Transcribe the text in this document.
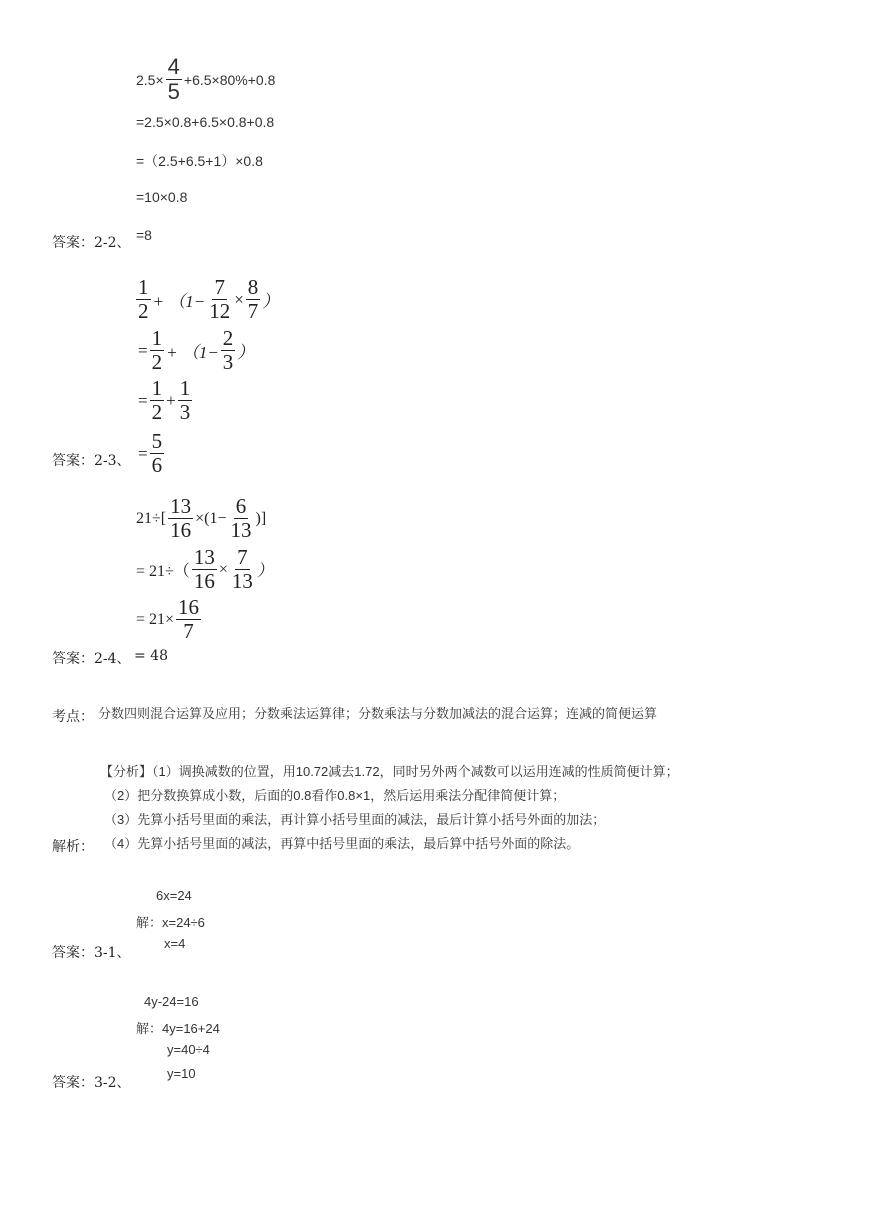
$2.5\times \frac{4}{5} +6.5\times 80\%+0.8$
=2.5×0.8+6.5×0.8+0.8
=（2.5+6.5+1）×0.8
=10×0.8
答案：2-2、 =8
$\frac{1}{2} + (1- \frac{7}{12} \times \frac{8}{7}$ ）
= $\frac{1}{2} + (1- \frac{2}{3}$ ）
= $\frac{1}{2} + \frac{1}{3}$
答案：2-3、 = $\frac{5}{6}$
$21\div[ \frac{13}{16} \times(1- \frac{6}{13}$ )]
= $21\div( \frac{13}{16} \times \frac{7}{13}$ ）
= $21\times \frac{16}{7}$
答案：2-4、 = 48
考点： 分数四则混合运算及应用；分数乘法运算律；分数乘法与分数加减法的混合运算；连减的简便运算
【分析】（1）调换减数的位置，用10.72减去1.72，同时另外两个减数可以运用连减的性质简便计算；
（2）把分数换算成小数，后面的0.8看作0.8×1，然后运用乘法分配律简便计算；
（3）先算小括号里面的乘法，再计算小括号里面的减法，最后计算小括号外面的加法；
解析： （4）先算小括号里面的减法，再算中括号里面的乘法，最后算中括号外面的除法。
6x=24
解：x=24÷6
x=4
答案：3-1、
4y-24=16
解：4y=16+24
y=40÷4
y=10
答案：3-2、
